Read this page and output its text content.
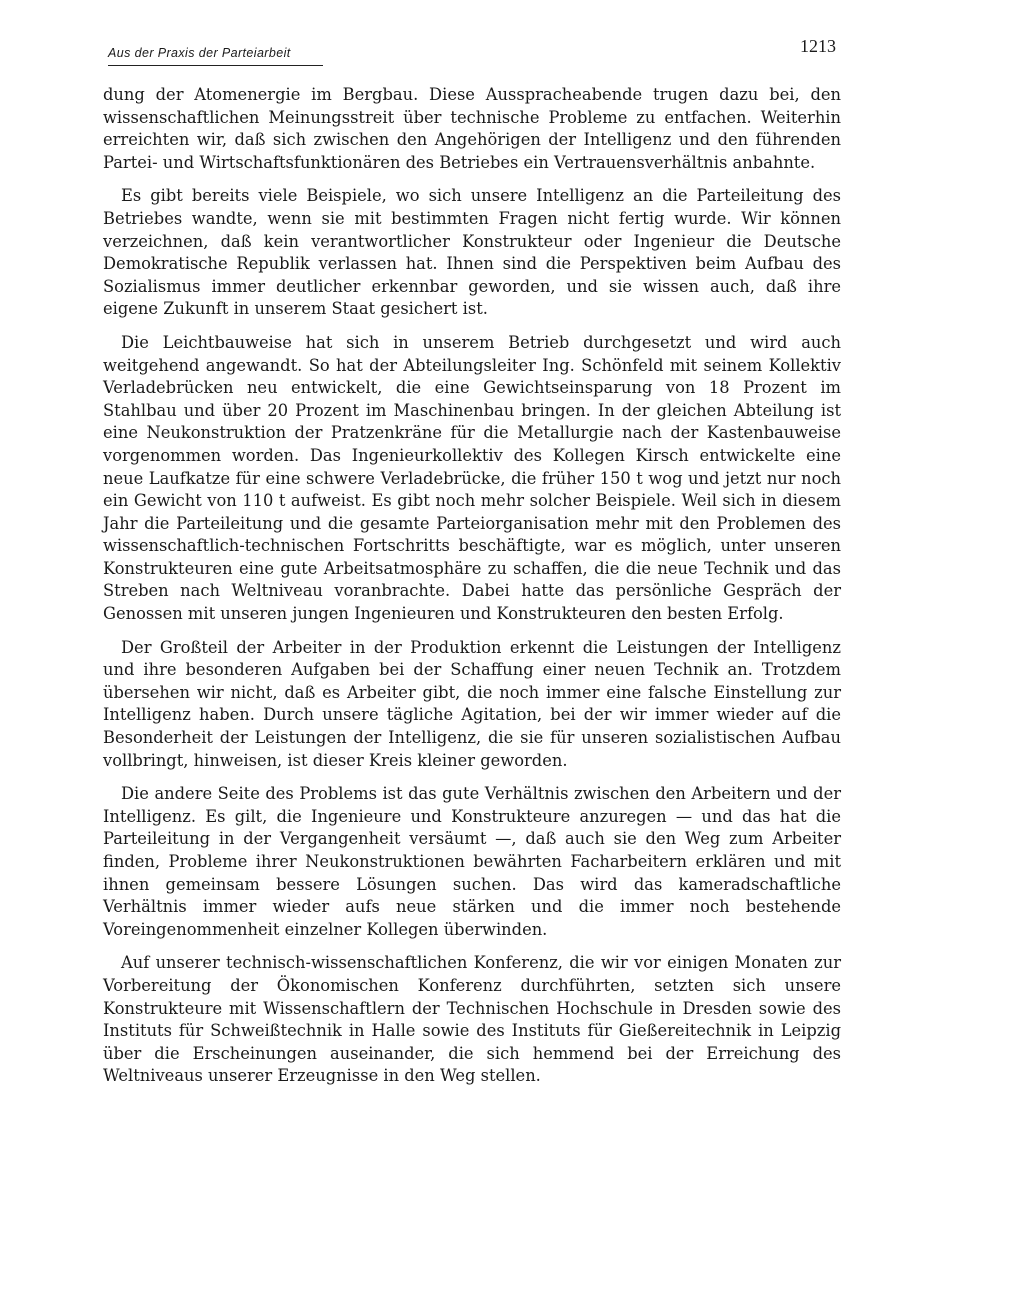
Aus der Praxis der Parteiarbeit	1213

dung der Atomenergie im Bergbau. Diese Ausspracheabende trugen dazu bei, den wissenschaftlichen Meinungsstreit über technische Probleme zu entfachen. Weiterhin erreichten wir, daß sich zwischen den Angehörigen der Intelligenz und den führenden Partei- und Wirtschaftsfunktionären des Betriebes ein Vertrauensverhältnis anbahnte.

Es gibt bereits viele Beispiele, wo sich unsere Intelligenz an die Parteileitung des Betriebes wandte, wenn sie mit bestimmten Fragen nicht fertig wurde. Wir können verzeichnen, daß kein verantwortlicher Konstrukteur oder Ingenieur die Deutsche Demokratische Republik verlassen hat. Ihnen sind die Perspektiven beim Aufbau des Sozialismus immer deutlicher erkennbar geworden, und sie wissen auch, daß ihre eigene Zukunft in unserem Staat gesichert ist.

Die Leichtbauweise hat sich in unserem Betrieb durchgesetzt und wird auch weitgehend angewandt. So hat der Abteilungsleiter Ing. Schönfeld mit seinem Kollektiv Verladebrücken neu entwickelt, die eine Gewichtseinsparung von 18 Prozent im Stahlbau und über 20 Prozent im Maschinenbau bringen. In der gleichen Abteilung ist eine Neukonstruktion der Pratzenkräne für die Metallurgie nach der Kastenbauweise vorgenommen worden. Das Ingenieurkollektiv des Kollegen Kirsch entwickelte eine neue Laufkatze für eine schwere Verladebrücke, die früher 150 t wog und jetzt nur noch ein Gewicht von 110 t aufweist. Es gibt noch mehr solcher Beispiele. Weil sich in diesem Jahr die Parteileitung und die gesamte Parteiorganisation mehr mit den Problemen des wissenschaftlich-technischen Fortschritts beschäftigte, war es möglich, unter unseren Konstrukteuren eine gute Arbeitsatmosphäre zu schaffen, die die neue Technik und das Streben nach Weltniveau voranbrachte. Dabei hatte das persönliche Gespräch der Genossen mit unseren jungen Ingenieuren und Konstrukteuren den besten Erfolg.

Der Großteil der Arbeiter in der Produktion erkennt die Leistungen der Intelligenz und ihre besonderen Aufgaben bei der Schaffung einer neuen Technik an. Trotzdem übersehen wir nicht, daß es Arbeiter gibt, die noch immer eine falsche Einstellung zur Intelligenz haben. Durch unsere tägliche Agitation, bei der wir immer wieder auf die Besonderheit der Leistungen der Intelligenz, die sie für unseren sozialistischen Aufbau vollbringt, hinweisen, ist dieser Kreis kleiner geworden.

Die andere Seite des Problems ist das gute Verhältnis zwischen den Arbeitern und der Intelligenz. Es gilt, die Ingenieure und Konstrukteure anzuregen — und das hat die Parteileitung in der Vergangenheit versäumt —, daß auch sie den Weg zum Arbeiter finden, Probleme ihrer Neukonstruktionen bewährten Facharbeitern erklären und mit ihnen gemeinsam bessere Lösungen suchen. Das wird das kameradschaftliche Verhältnis immer wieder aufs neue stärken und die immer noch bestehende Voreingenommenheit einzelner Kollegen überwinden.

Auf unserer technisch-wissenschaftlichen Konferenz, die wir vor einigen Monaten zur Vorbereitung der Ökonomischen Konferenz durchführten, setzten sich unsere Konstrukteure mit Wissenschaftlern der Technischen Hochschule in Dresden sowie des Instituts für Schweißtechnik in Halle sowie des Instituts für Gießereitechnik in Leipzig über die Erscheinungen auseinander, die sich hemmend bei der Erreichung des Weltniveaus unserer Erzeugnisse in den Weg stellen.
